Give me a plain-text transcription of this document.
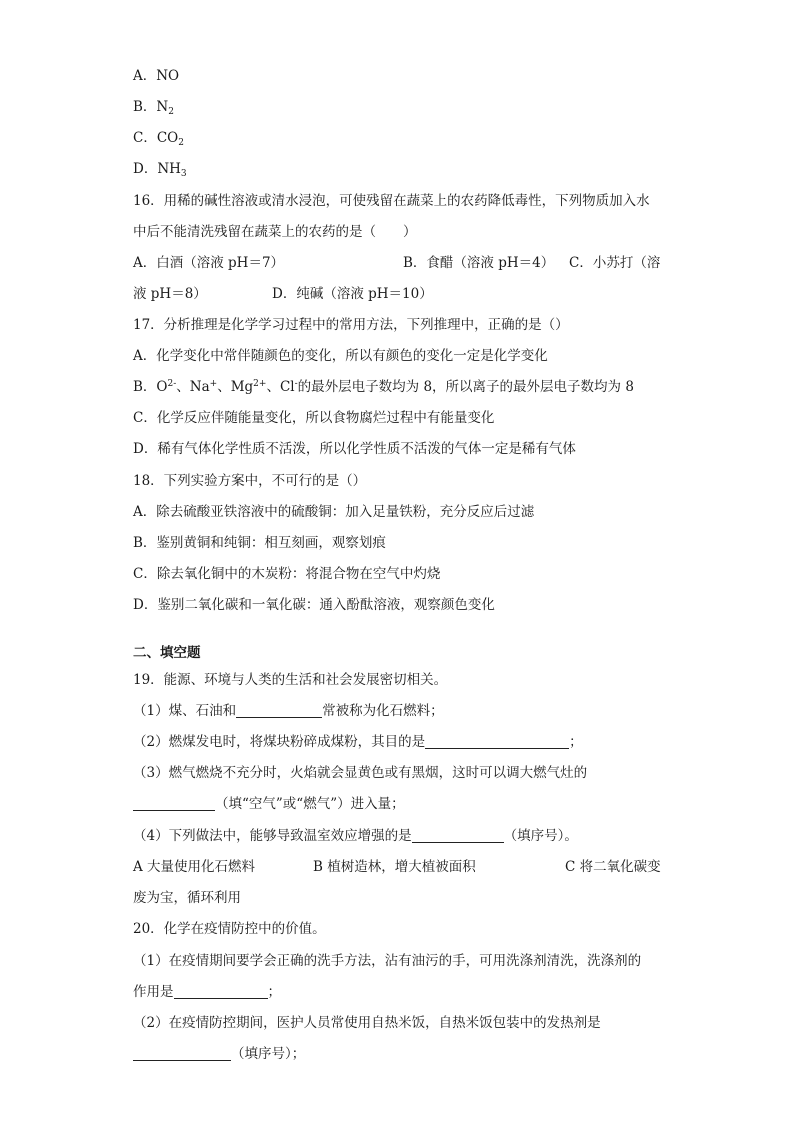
A．NO
B．$N_2$
C．$CO_2$
D．$NH_3$
16．用稀的碱性溶液或清水浸泡，可使残留在蔬菜上的农药降低毒性，下列物质加入水
中后不能清洗残留在蔬菜上的农药的是（　　）
A．白酒（溶液 pH＝7）	B．食醋（溶液 pH＝4） C．小苏打（溶
液 pH＝8）	D．纯碱（溶液 pH＝10）
17．分析推理是化学学习过程中的常用方法，下列推理中，正确的是（）
A．化学变化中常伴随颜色的变化，所以有颜色的变化一定是化学变化
B．$O^{2-}$、Na+、$Mg^{2+}$、Cl-的最外层电子数均为 8，所以离子的最外层电子数均为 8
C．化学反应伴随能量变化，所以食物腐烂过程中有能量变化
D．稀有气体化学性质不活泼，所以化学性质不活泼的气体一定是稀有气体
18．下列实验方案中，不可行的是（）
A．除去硫酸亚铁溶液中的硫酸铜：加入足量铁粉，充分反应后过滤
B．鉴别黄铜和纯铜：相互刻画，观察划痕
C．除去氧化铜中的木炭粉：将混合物在空气中灼烧
D．鉴别二氧化碳和一氧化碳：通入酚酞溶液，观察颜色变化
二、填空题
19．能源、环境与人类的生活和社会发展密切相关。
（1）煤、石油和	常被称为化石燃料；
（2）燃煤发电时，将煤块粉碎成煤粉，其目的是	；
（3）燃气燃烧不充分时，火焰就会显黄色或有黑烟，这时可以调大燃气灶的
（填“空气”或“燃气”）进入量；
（4）下列做法中，能够导致温室效应增强的是	（填序号）。
A 大量使用化石燃料	B 植树造林，增大植被面积	C 将二氧化碳变
废为宝，循环利用
20．化学在疫情防控中的价值。
（1）在疫情期间要学会正确的洗手方法，沾有油污的手，可用洗涤剂清洗，洗涤剂的
作用是	；
（2）在疫情防控期间，医护人员常使用自热米饭，自热米饭包装中的发热剂是
（填序号）；
